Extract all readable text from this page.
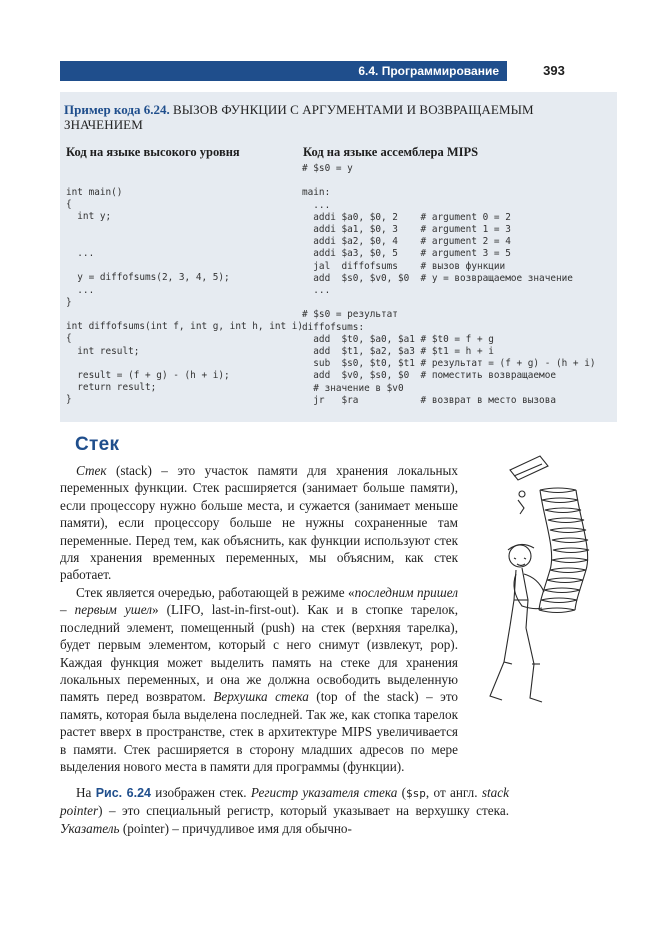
6.4. Программирование	393
Пример кода 6.24. ВЫЗОВ ФУНКЦИИ С АРГУМЕНТАМИ И ВОЗВРАЩАЕМЫМ ЗНАЧЕНИЕМ
Код на языке высокого уровня	Код на языке ассемблера MIPS
int main()
{
int y;

...

y = diffofsums(2, 3, 4, 5);
...
}

int diffofsums(int f, int g, int h, int i)
{
int result;

result = (f + g) - (h + i);
return result;
}
# $s0 = y

main:
...
addi $a0, $0, 2    # argument 0 = 2
addi $a1, $0, 3    # argument 1 = 3
addi $a2, $0, 4    # argument 2 = 4
addi $a3, $0, 5    # argument 3 = 5
jal  diffofsums    # вызов функции
add  $s0, $v0, $0  # y = возвращаемое значение
...

# $s0 = результат
diffofsums:
add  $t0, $a0, $a1 # $t0 = f + g
add  $t1, $a2, $a3 # $t1 = h + i
sub  $s0, $t0, $t1 # результат = (f + g) - (h + i)
add  $v0, $s0, $0  # поместить возвращаемое
# значение в $v0
jr   $ra           # возврат в место вызова
Стек

Стек (stack) – это участок памяти для хранения локальных переменных функции. Стек расширяется (занимает больше памяти), если процессору нужно больше места, и сужается (занимает меньше памяти), если процессору больше не нужны сохраненные там переменные. Перед тем, как объяснить, как функции используют стек для хранения временных переменных, мы объясним, как стек работает.

Стек является очередью, работающей в режиме «последним пришел – первым ушел» (LIFO, last-in-first-out). Как и в стопке тарелок, последний элемент, помещенный (push) на стек (верхняя тарелка), будет первым элементом, который с него снимут (извлекут, pop). Каждая функция может выделить память на стеке для хранения локальных переменных, и она же должна освободить выделенную память перед возвратом. Верхушка стека (top of the stack) – это память, которая была выделена последней. Так же, как стопка тарелок растет вверх в пространстве, стек в архитектуре MIPS увеличивается в памяти. Стек расширяется в сторону младших адресов по мере выделения нового места в памяти для программы (функции).

На Рис. 6.24 изображен стек. Регистр указателя стека ($sp, от англ. stack pointer) – это специальный регистр, который указывает на верхушку стека. Указатель (pointer) – причудливое имя для обычно-
